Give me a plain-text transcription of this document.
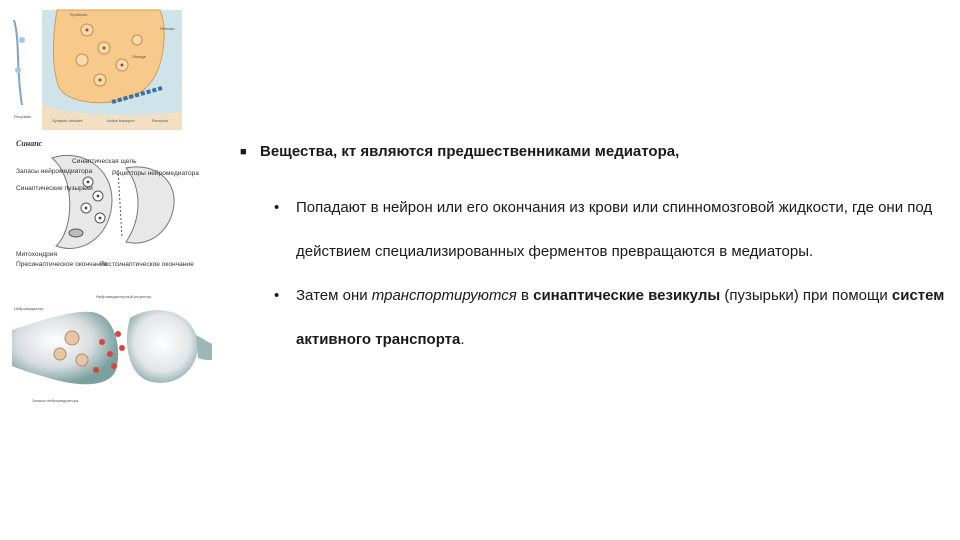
Synthesis
Storage
Synaptic vesicles	Active transport
Release
Receptor
Reuptake
Синапс
Синаптическая щель
Запасы нейромедиатора
Синаптические пузырьки
Рецепторы нейромедиатора
Митохондрия
Пресинаптическое окончание
Постсинаптическое окончание
Нейромедиатор
Нейромедиаторный рецептор
Запасы нейромедиатора
■ Вещества, кт являются предшественниками медиатора,
• Попадают в нейрон или его окончания из крови или спинномозговой жидкости, где они под действием специализированных ферментов превращаются в медиаторы.
• Затем они транспортируются в синаптические везикулы (пузырьки) при помощи систем активного транспорта.
